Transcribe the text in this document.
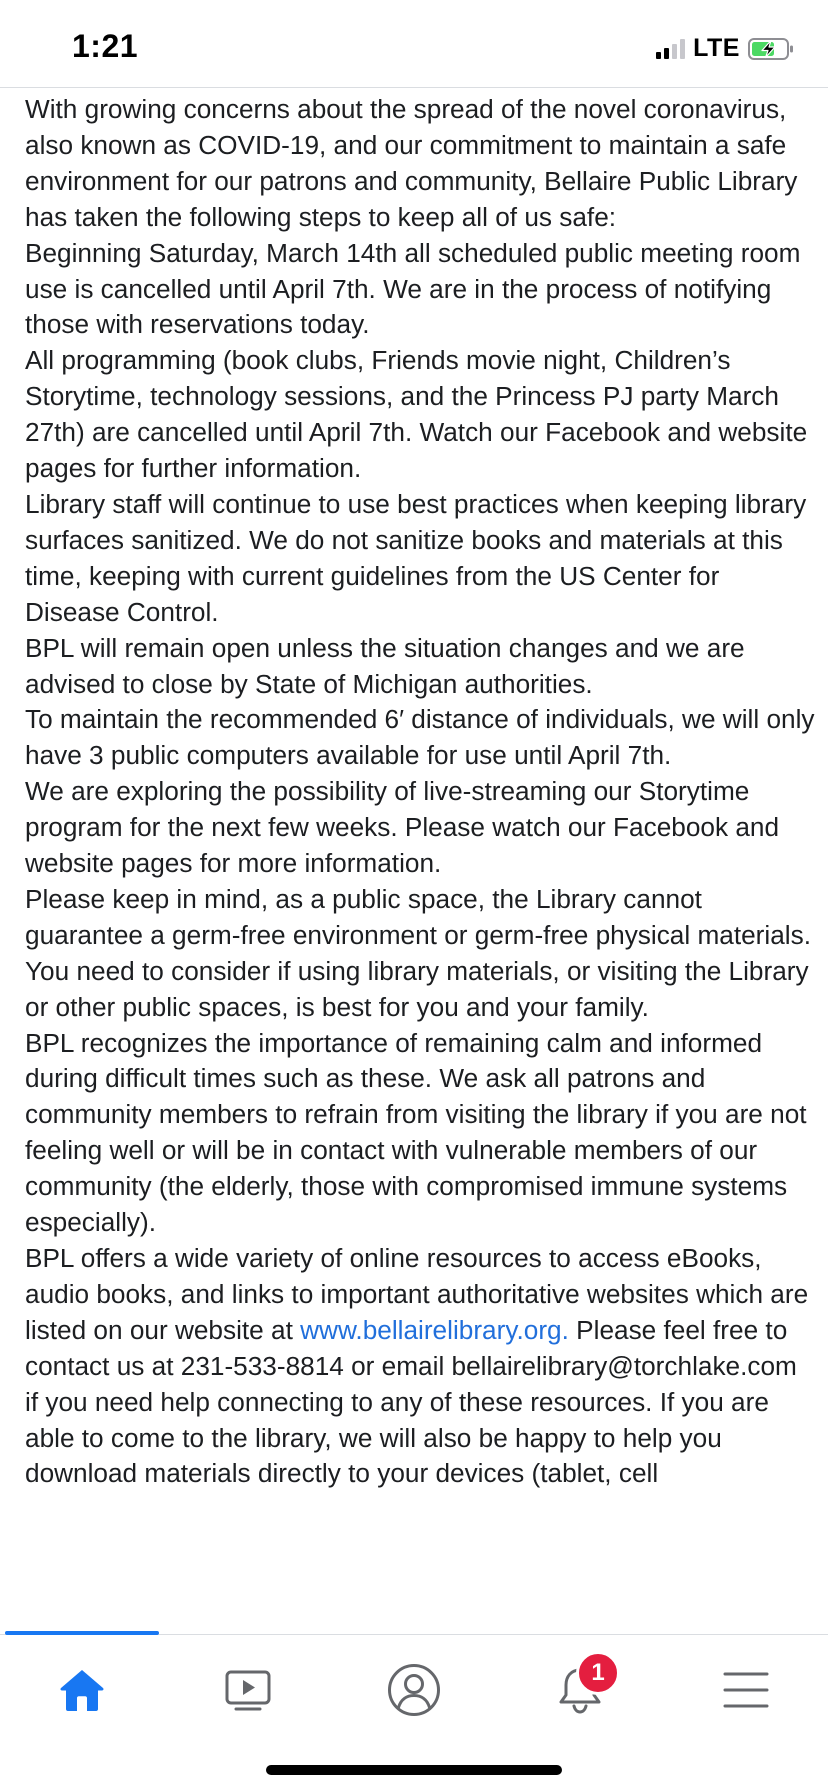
1:21	LTE

With growing concerns about the spread of the novel coronavirus, also known as COVID-19, and our commitment to maintain a safe environment for our patrons and community, Bellaire Public Library has taken the following steps to keep all of us safe:

Beginning Saturday, March 14th all scheduled public meeting room use is cancelled until April 7th. We are in the process of notifying those with reservations today.

All programming (book clubs, Friends movie night, Children’s Storytime, technology sessions, and the Princess PJ party March 27th) are cancelled until April 7th. Watch our Facebook and website pages for further information.

Library staff will continue to use best practices when keeping library surfaces sanitized. We do not sanitize books and materials at this time, keeping with current guidelines from the US Center for Disease Control.

BPL will remain open unless the situation changes and we are advised to close by State of Michigan authorities.

To maintain the recommended 6′ distance of individuals, we will only have 3 public computers available for use until April 7th.

We are exploring the possibility of live-streaming our Storytime program for the next few weeks. Please watch our Facebook and website pages for more information.

Please keep in mind, as a public space, the Library cannot guarantee a germ-free environment or germ-free physical materials. You need to consider if using library materials, or visiting the Library or other public spaces, is best for you and your family.

BPL recognizes the importance of remaining calm and informed during difficult times such as these. We ask all patrons and community members to refrain from visiting the library if you are not feeling well or will be in contact with vulnerable members of our community (the elderly, those with compromised immune systems especially).

BPL offers a wide variety of online resources to access eBooks, audio books, and links to important authoritative websites which are listed on our website at www.bellairelibrary.org. Please feel free to contact us at 231-533-8814 or email bellairelibrary@torchlake.com if you need help connecting to any of these resources. If you are able to come to the library, we will also be happy to help you download materials directly to your devices (tablet, cell

1
